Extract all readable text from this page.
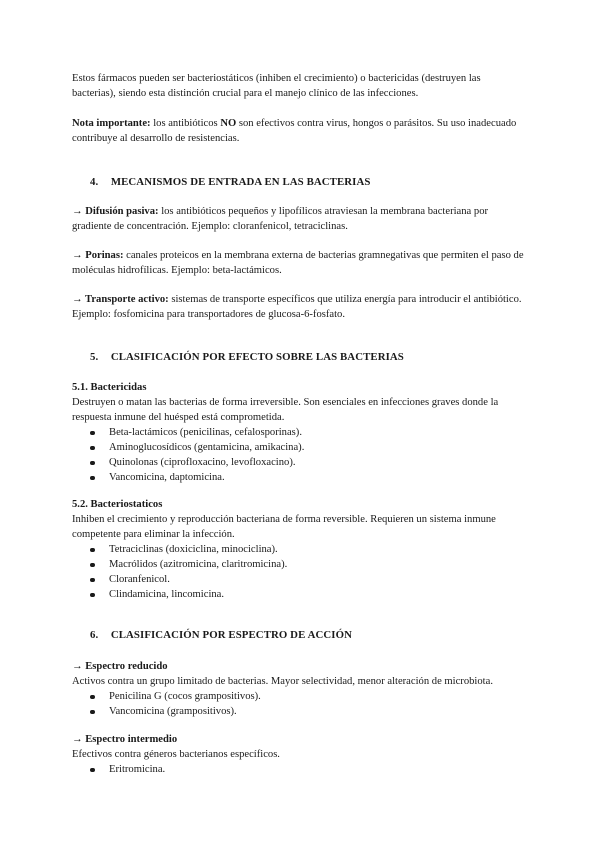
Estos fármacos pueden ser bacteriostáticos (inhiben el crecimiento) o bactericidas (destruyen las bacterias), siendo esta distinción crucial para el manejo clínico de las infecciones.

Nota importante: los antibióticos NO son efectivos contra virus, hongos o parásitos. Su uso inadecuado contribuye al desarrollo de resistencias.

4. MECANISMOS DE ENTRADA EN LAS BACTERIAS

→ Difusión pasiva: los antibióticos pequeños y lipofílicos atraviesan la membrana bacteriana por gradiente de concentración. Ejemplo: cloranfenicol, tetraciclinas.

→ Porinas: canales proteicos en la membrana externa de bacterias gramnegativas que permiten el paso de moléculas hidrofílicas. Ejemplo: beta-lactámicos.

→ Transporte activo: sistemas de transporte específicos que utiliza energía para introducir el antibiótico. Ejemplo: fosfomicina para transportadores de glucosa-6-fosfato.

5. CLASIFICACIÓN POR EFECTO SOBRE LAS BACTERIAS
5.1. Bactericidas

Destruyen o matan las bacterias de forma irreversible. Son esenciales en infecciones graves donde la respuesta inmune del huésped está comprometida.

Beta-lactámicos (penicilinas, cefalosporinas).
Aminoglucosídicos (gentamicina, amikacina).
Quinolonas (ciprofloxacino, levofloxacino).
Vancomicina, daptomicina.
5.2. Bacteriostaticos

Inhiben el crecimiento y reproducción bacteriana de forma reversible. Requieren un sistema inmune competente para eliminar la infección.

Tetraciclinas (doxiciclina, minociclina).
Macrólidos (azitromicina, claritromicina).
Cloranfenicol.
Clindamicina, lincomicina.
6. CLASIFICACIÓN POR ESPECTRO DE ACCIÓN
→ Espectro reducido

Activos contra un grupo limitado de bacterias. Mayor selectividad, menor alteración de microbiota.

Penicilina G (cocos grampositivos).
Vancomicina (grampositivos).
→ Espectro intermedio

Efectivos contra géneros bacterianos específicos.

Eritromicina.
